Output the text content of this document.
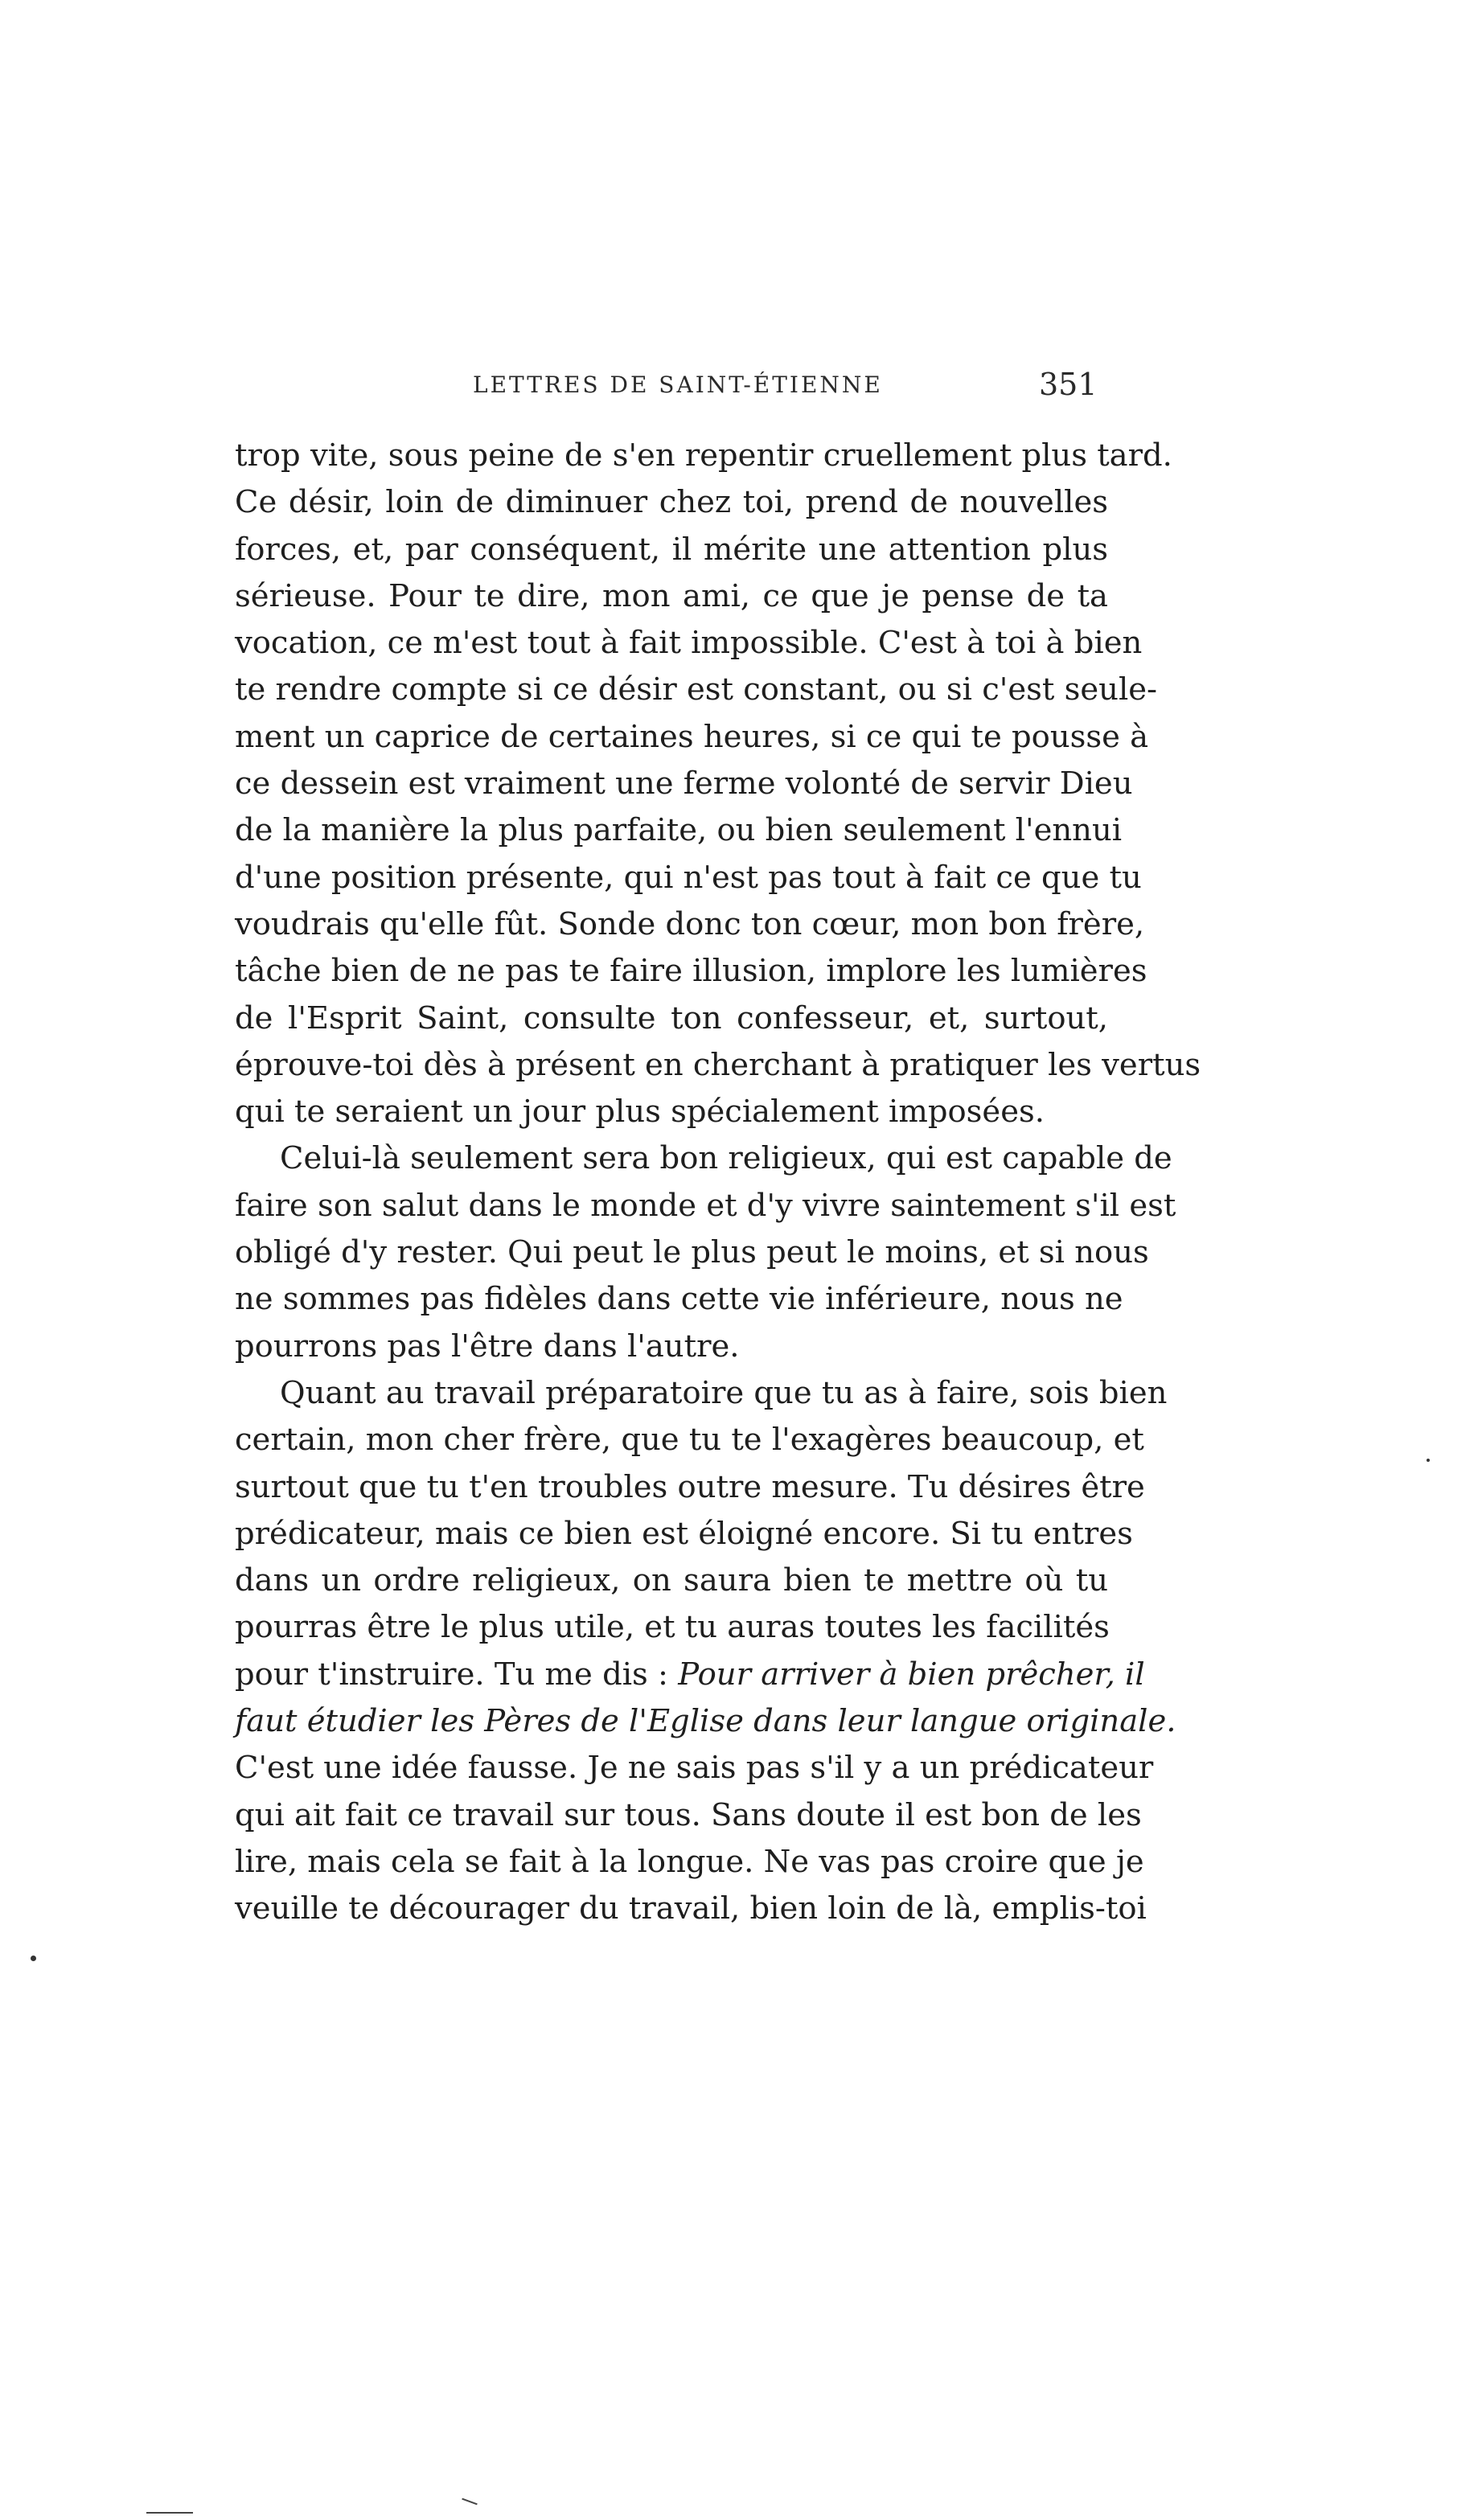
LETTRES DE SAINT-ÉTIENNE	351
trop vite, sous peine de s'en repentir cruellement plus tard.
Ce désir, loin de diminuer chez toi, prend de nouvelles
forces, et, par conséquent, il mérite une attention plus
sérieuse. Pour te dire, mon ami, ce que je pense de ta
vocation, ce m'est tout à fait impossible. C'est à toi à bien
te rendre compte si ce désir est constant, ou si c'est seule-
ment un caprice de certaines heures, si ce qui te pousse à
ce dessein est vraiment une ferme volonté de servir Dieu
de la manière la plus parfaite, ou bien seulement l'ennui
d'une position présente, qui n'est pas tout à fait ce que tu
voudrais qu'elle fût. Sonde donc ton cœur, mon bon frère,
tâche bien de ne pas te faire illusion, implore les lumières
de l'Esprit Saint, consulte ton confesseur, et, surtout,
éprouve-toi dès à présent en cherchant à pratiquer les vertus
qui te seraient un jour plus spécialement imposées.
Celui-là seulement sera bon religieux, qui est capable de
faire son salut dans le monde et d'y vivre saintement s'il est
obligé d'y rester. Qui peut le plus peut le moins, et si nous
ne sommes pas fidèles dans cette vie inférieure, nous ne
pourrons pas l'être dans l'autre.
Quant au travail préparatoire que tu as à faire, sois bien
certain, mon cher frère, que tu te l'exagères beaucoup, et
surtout que tu t'en troubles outre mesure. Tu désires être
prédicateur, mais ce bien est éloigné encore. Si tu entres
dans un ordre religieux, on saura bien te mettre où tu
pourras être le plus utile, et tu auras toutes les facilités
pour t'instruire. Tu me dis : Pour arriver à bien prêcher, il
faut étudier les Pères de l'Eglise dans leur langue originale.
C'est une idée fausse. Je ne sais pas s'il y a un prédicateur
qui ait fait ce travail sur tous. Sans doute il est bon de les
lire, mais cela se fait à la longue. Ne vas pas croire que je
veuille te décourager du travail, bien loin de là, emplis-toi
